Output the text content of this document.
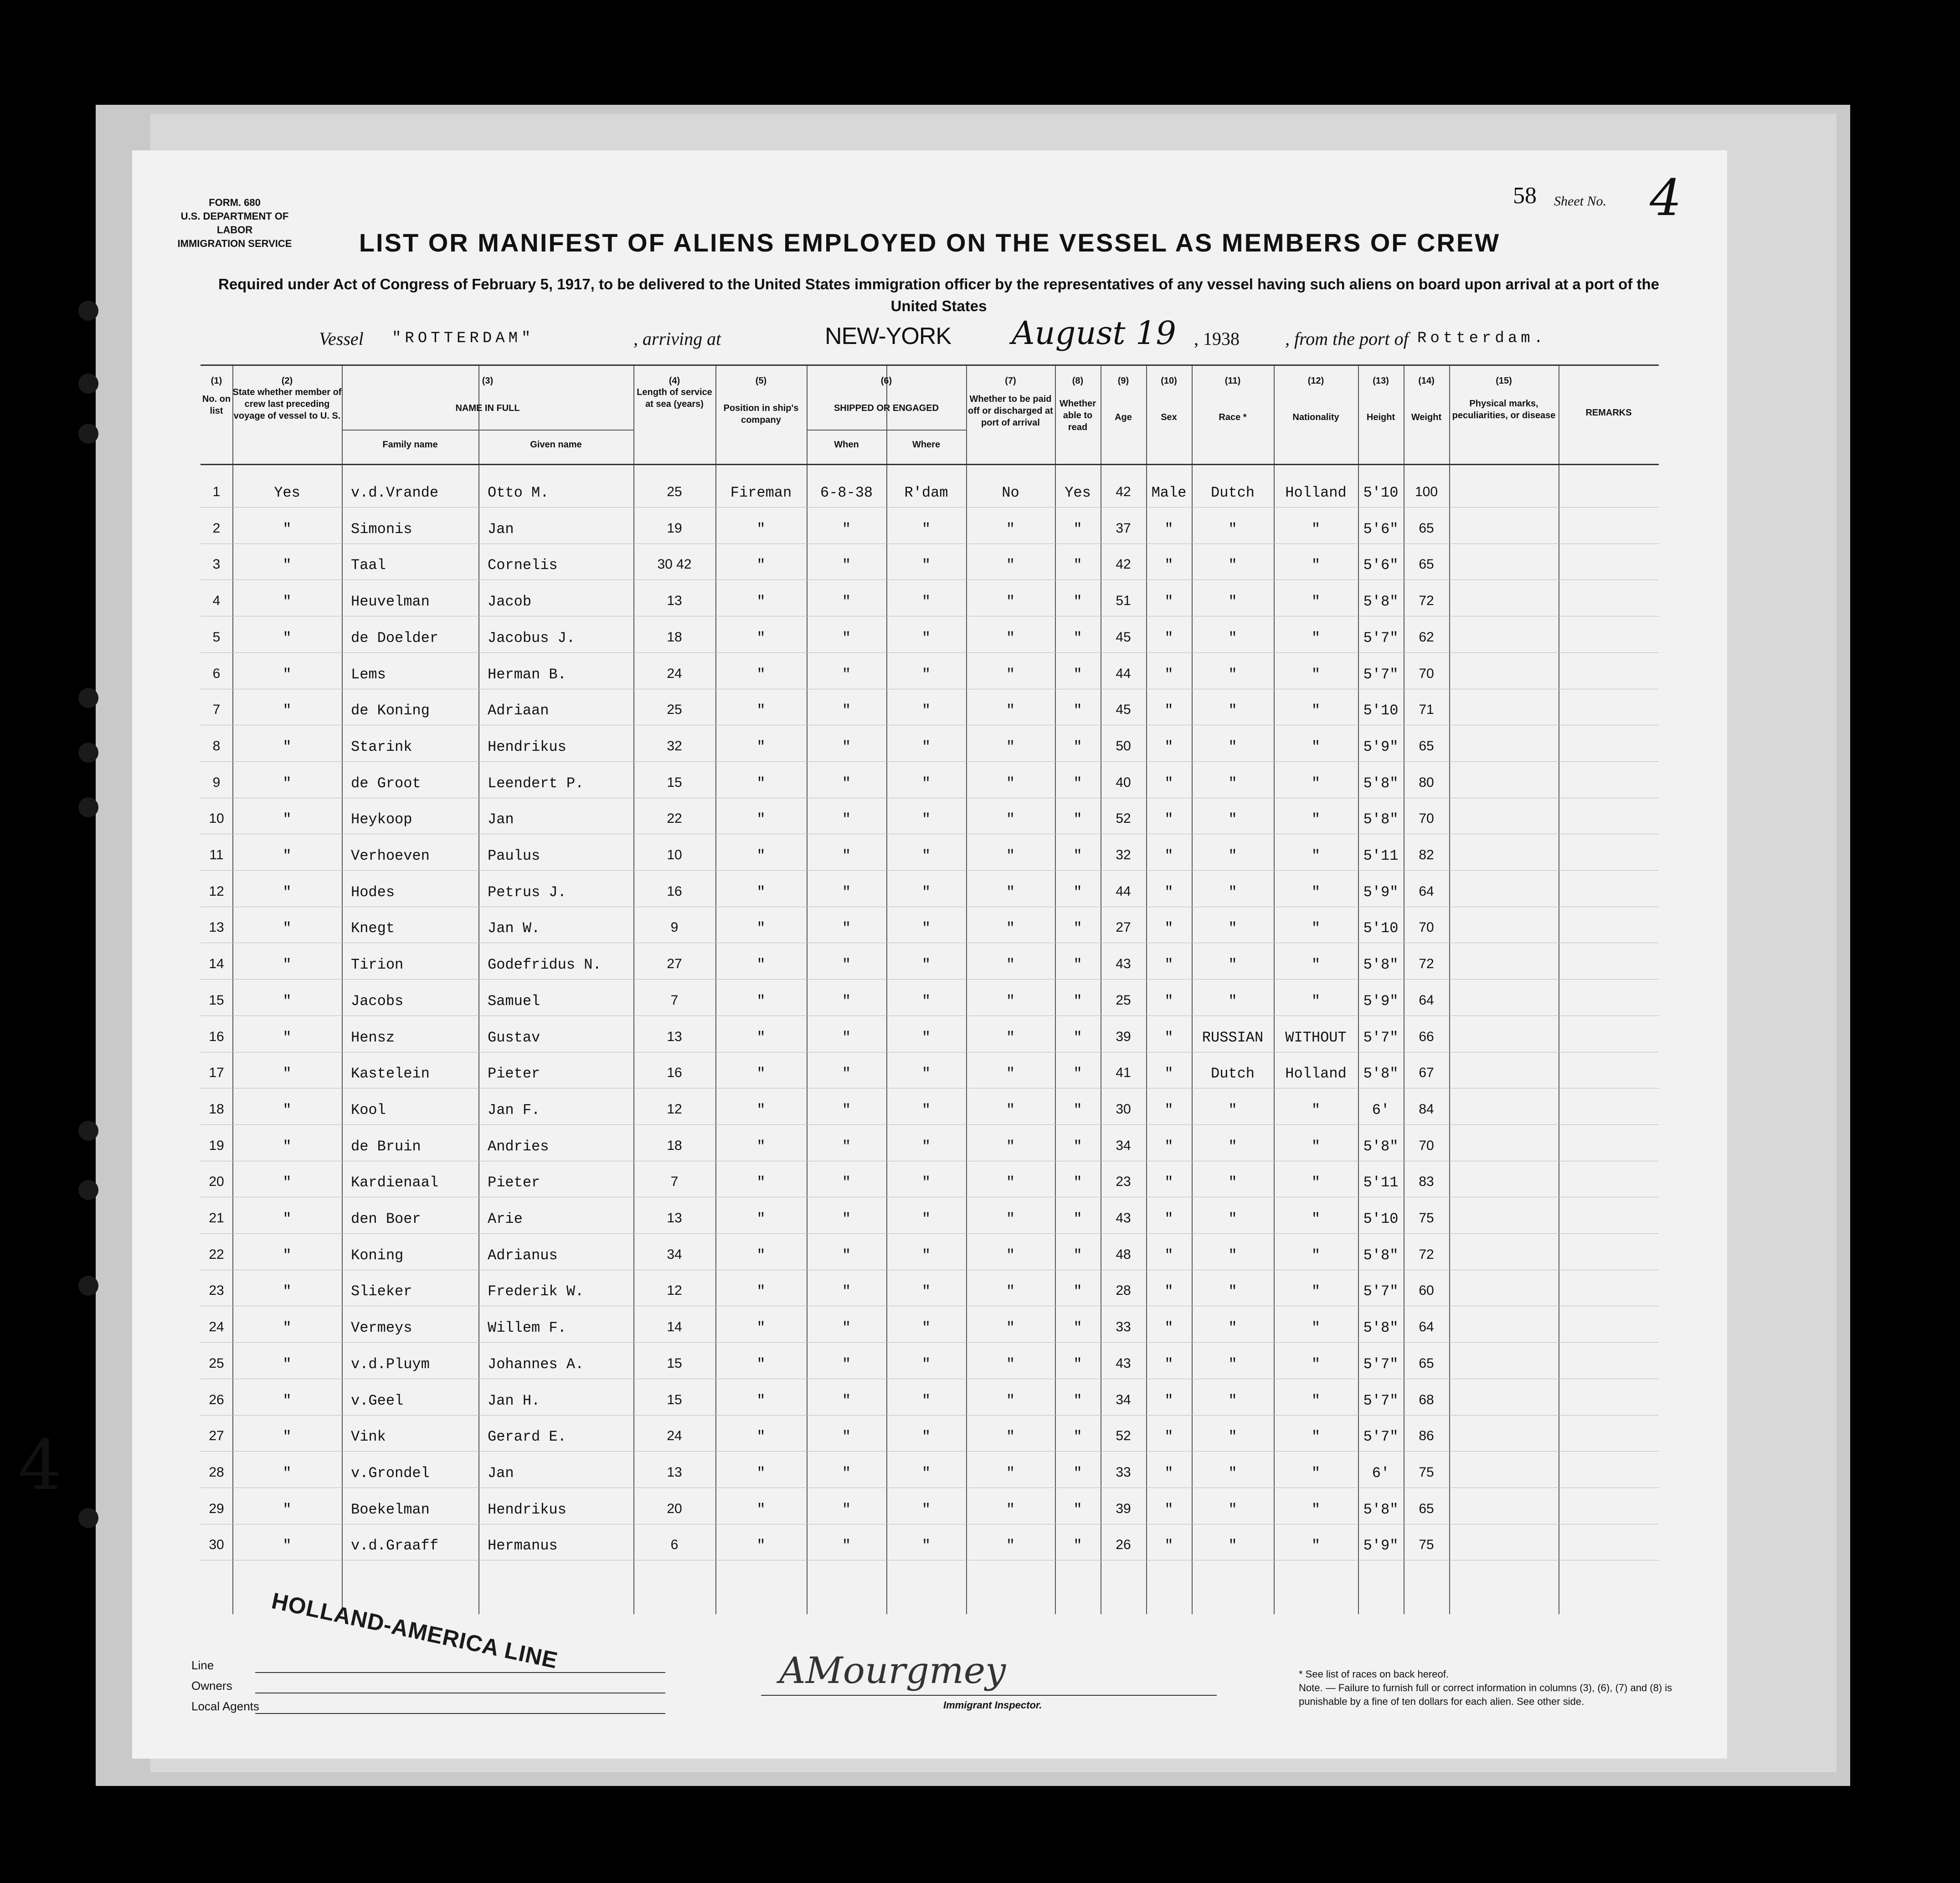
FORM. 680
U.S. DEPARTMENT OF LABOR
IMMIGRATION SERVICE
58 Sheet No. 4
LIST OR MANIFEST OF ALIENS EMPLOYED ON THE VESSEL AS MEMBERS OF CREW
Required under Act of Congress of February 5, 1917, to be delivered to the United States immigration officer by the representatives of any vessel having such aliens on board upon arrival at a port of the United States
Vessel "ROTTERDAM"	, arriving at	NEW-YORK August 19 , 1938	, from the port of Rotterdam.
(1)
No. on list
(2)
State whether member of crew last preceding voyage of vessel to U. S.
(3)
NAME IN FULL
Family name	Given name
(4)
Length of service at sea (years)
(5)
Position in ship's company
(6)
SHIPPED OR ENGAGED
When	Where
(7)
Whether to be paid off or discharged at port of arrival
(8)
Whether able to read
(9)
Age
(10)
Sex
(11)
Race *
(12)
Nationality
(13)
Height
(14)
Weight
(15)
Physical marks, peculiarities, or disease	REMARKS
1	Yes	v.d.Vrande	Otto M.	25	Fireman	6-8-38	R'dam	No	Yes	42	Male	Dutch	Holland	5'10	100
2	"	Simonis	Jan	19	"	"	"	"	"	37	"	"	"	5'6"	65
3	"	Taal	Cornelis	30 42	"	"	"	"	"	42	"	"	"	5'6"	65
4	"	Heuvelman	Jacob	13	"	"	"	"	"	51	"	"	"	5'8"	72
5	"	de Doelder	Jacobus J.	18	"	"	"	"	"	45	"	"	"	5'7"	62
6	"	Lems	Herman B.	24	"	"	"	"	"	44	"	"	"	5'7"	70
7	"	de Koning	Adriaan	25	"	"	"	"	"	45	"	"	"	5'10	71
8	"	Starink	Hendrikus	32	"	"	"	"	"	50	"	"	"	5'9"	65
9	"	de Groot	Leendert P.	15	"	"	"	"	"	40	"	"	"	5'8"	80
10	"	Heykoop	Jan	22	"	"	"	"	"	52	"	"	"	5'8"	70
11	"	Verhoeven	Paulus	10	"	"	"	"	"	32	"	"	"	5'11	82
12	"	Hodes	Petrus J.	16	"	"	"	"	"	44	"	"	"	5'9"	64
13	"	Knegt	Jan W.	9	"	"	"	"	"	27	"	"	"	5'10	70
14	"	Tirion	Godefridus N.	27	"	"	"	"	"	43	"	"	"	5'8"	72
15	"	Jacobs	Samuel	7	"	"	"	"	"	25	"	"	"	5'9"	64
16	"	Hensz	Gustav	13	"	"	"	"	"	39	"	RUSSIAN	WITHOUT	5'7"	66
17	"	Kastelein	Pieter	16	"	"	"	"	"	41	"	Dutch	Holland	5'8"	67
18	"	Kool	Jan F.	12	"	"	"	"	"	30	"	"	"	6'	84
19	"	de Bruin	Andries	18	"	"	"	"	"	34	"	"	"	5'8"	70
20	"	Kardienaal	Pieter	7	"	"	"	"	"	23	"	"	"	5'11	83
21	"	den Boer	Arie	13	"	"	"	"	"	43	"	"	"	5'10	75
22	"	Koning	Adrianus	34	"	"	"	"	"	48	"	"	"	5'8"	72
23	"	Slieker	Frederik W.	12	"	"	"	"	"	28	"	"	"	5'7"	60
24	"	Vermeys	Willem F.	14	"	"	"	"	"	33	"	"	"	5'8"	64
25	"	v.d.Pluym	Johannes A.	15	"	"	"	"	"	43	"	"	"	5'7"	65
26	"	v.Geel	Jan H.	15	"	"	"	"	"	34	"	"	"	5'7"	68
27	"	Vink	Gerard E.	24	"	"	"	"	"	52	"	"	"	5'7"	86
28	"	v.Grondel	Jan	13	"	"	"	"	"	33	"	"	"	6'	75
29	"	Boekelman	Hendrikus	20	"	"	"	"	"	39	"	"	"	5'8"	65
30	"	v.d.Graaff	Hermanus	6	"	"	"	"	"	26	"	"	"	5'9"	75
Line
Owners
Local Agents
HOLLAND-AMERICA LINE	AMourgmey
Immigrant Inspector.
* See list of races on back hereof.
Note. — Failure to furnish full or correct information in columns (3), (6), (7) and (8) is punishable by a fine of ten dollars for each alien. See other side.
4
